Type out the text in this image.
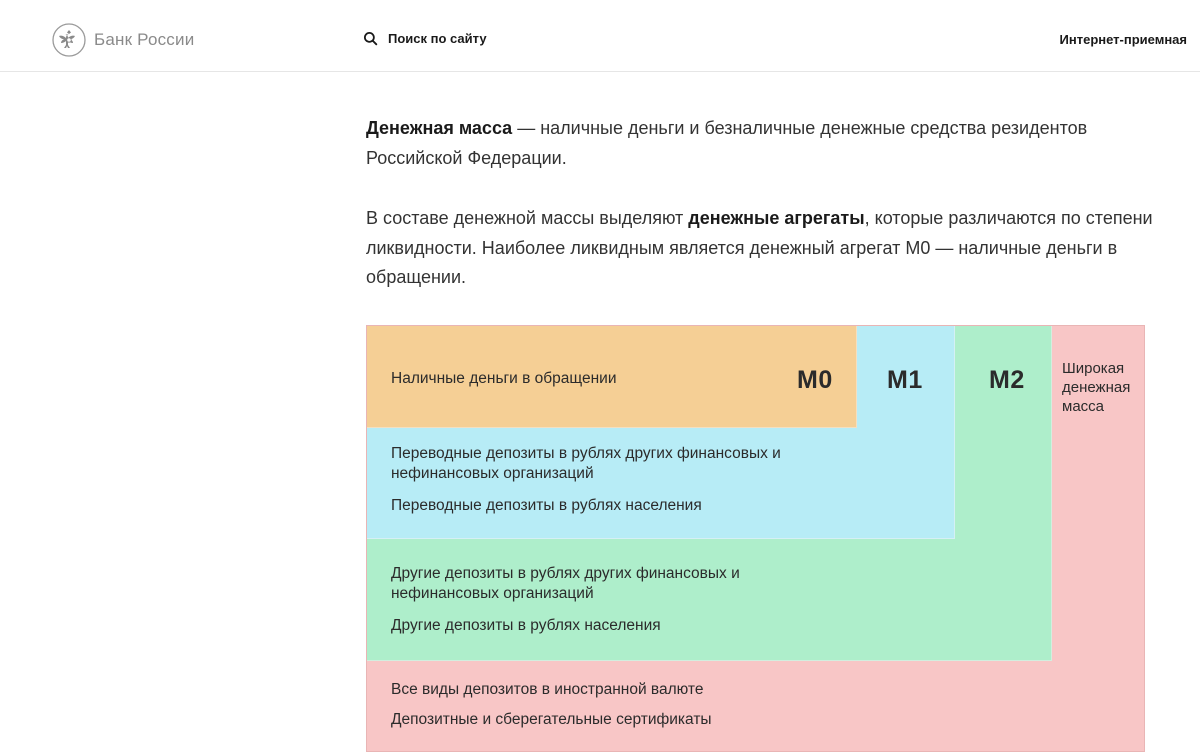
Банк России	Поиск по сайту	Интернет-приемная

Денежная масса — наличные деньги и безналичные денежные средства резидентов Российской Федерации.

В составе денежной массы выделяют денежные агрегаты, которые различаются по степени ликвидности. Наиболее ликвидным является денежный агрегат М0 — наличные деньги в обращении.

М0 М1	М2 Широкая денежная масса
Наличные деньги в обращении
Переводные депозиты в рублях других финансовых и нефинансовых организаций
Переводные депозиты в рублях населения
Другие депозиты в рублях других финансовых и нефинансовых организаций
Другие депозиты в рублях населения
Все виды депозитов в иностранной валюте
Депозитные и сберегательные сертификаты
